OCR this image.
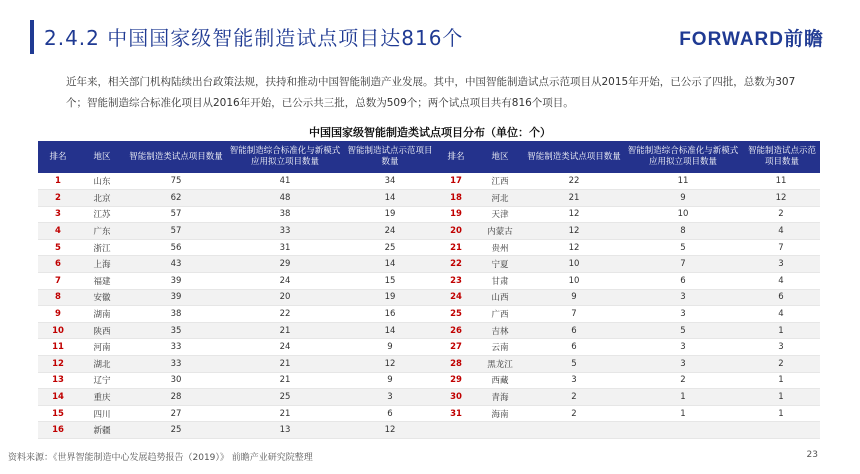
2.4.2 中国国家级智能制造试点项目达816个	FORWARD前瞻

近年来，相关部门机构陆续出台政策法规，扶持和推动中国智能制造产业发展。其中，中国智能制造试点示范项目从2015年开始，已公示了四批，总数为307个；智能制造综合标准化项目从2016年开始，已公示共三批，总数为509个；两个试点项目共有816个项目。

中国国家级智能制造类试点项目分布（单位：个）
排名	地区	智能制造类试点项目数量	智能制造综合标准化与新模式应用拟立项目数量	智能制造试点示范项目数量	排名	地区	智能制造类试点项目数量	智能制造综合标准化与新模式应用拟立项目数量	智能制造试点示范项目数量
1	山东	75	41	34	17	江西	22	11	11
2	北京	62	48	14	18	河北	21	9	12
3	江苏	57	38	19	19	天津	12	10	2
4	广东	57	33	24	20	内蒙古	12	8	4
5	浙江	56	31	25	21	贵州	12	5	7
6	上海	43	29	14	22	宁夏	10	7	3
7	福建	39	24	15	23	甘肃	10	6	4
8	安徽	39	20	19	24	山西	9	3	6
9	湖南	38	22	16	25	广西	7	3	4
10	陕西	35	21	14	26	吉林	6	5	1
11	河南	33	24	9	27	云南	6	3	3
12	湖北	33	21	12	28	黑龙江	5	3	2
13	辽宁	30	21	9	29	西藏	3	2	1
14	重庆	28	25	3	30	青海	2	1	1
15	四川	27	21	6	31	海南	2	1	1
16	新疆	25	13	12					
资料来源：《世界智能制造中心发展趋势报告（2019）》 前瞻产业研究院整理	23
